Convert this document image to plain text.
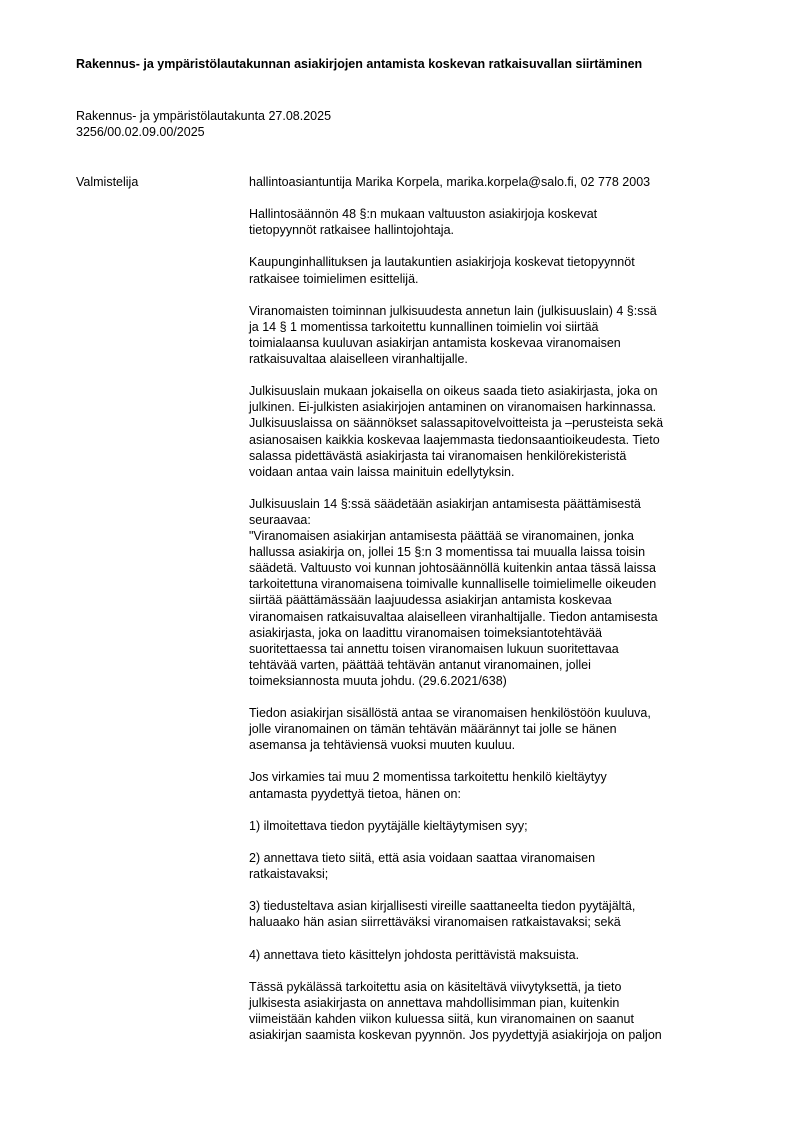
Rakennus- ja ympäristölautakunnan asiakirjojen antamista koskevan ratkaisuvallan siirtäminen
Rakennus- ja ympäristölautakunta 27.08.2025
3256/00.02.09.00/2025
Valmistelija	hallintoasiantuntija Marika Korpela, marika.korpela@salo.fi, 02 778 2003

Hallintosäännön 48 §:n mukaan valtuuston asiakirjoja koskevat
tietopyynnöt ratkaisee hallintojohtaja.

Kaupunginhallituksen ja lautakuntien asiakirjoja koskevat tietopyynnöt
ratkaisee toimielimen esittelijä.

Viranomaisten toiminnan julkisuudesta annetun lain (julkisuuslain) 4 §:ssä
ja 14 § 1 momentissa tarkoitettu kunnallinen toimielin voi siirtää
toimialaansa kuuluvan asiakirjan antamista koskevaa viranomaisen
ratkaisuvaltaa alaiselleen viranhaltijalle.

Julkisuuslain mukaan jokaisella on oikeus saada tieto asiakirjasta, joka on
julkinen. Ei-julkisten asiakirjojen antaminen on viranomaisen harkinnassa.
Julkisuuslaissa on säännökset salassapitovelvoitteista ja –perusteista sekä
asianosaisen kaikkia koskevaa laajemmasta tiedonsaantioikeudesta. Tieto
salassa pidettävästä asiakirjasta tai viranomaisen henkilörekisteristä
voidaan antaa vain laissa mainituin edellytyksin.

Julkisuuslain 14 §:ssä säädetään asiakirjan antamisesta päättämisestä
seuraavaa:
"Viranomaisen asiakirjan antamisesta päättää se viranomainen, jonka
hallussa asiakirja on, jollei 15 §:n 3 momentissa tai muualla laissa toisin
säädetä. Valtuusto voi kunnan johtosäännöllä kuitenkin antaa tässä laissa
tarkoitettuna viranomaisena toimivalle kunnalliselle toimielimelle oikeuden
siirtää päättämässään laajuudessa asiakirjan antamista koskevaa
viranomaisen ratkaisuvaltaa alaiselleen viranhaltijalle. Tiedon antamisesta
asiakirjasta, joka on laadittu viranomaisen toimeksiantotehtävää
suoritettaessa tai annettu toisen viranomaisen lukuun suoritettavaa
tehtävää varten, päättää tehtävän antanut viranomainen, jollei
toimeksiannosta muuta johdu. (29.6.2021/638)

Tiedon asiakirjan sisällöstä antaa se viranomaisen henkilöstöön kuuluva,
jolle viranomainen on tämän tehtävän määrännyt tai jolle se hänen
asemansa ja tehtäviensä vuoksi muuten kuuluu.

Jos virkamies tai muu 2 momentissa tarkoitettu henkilö kieltäytyy
antamasta pyydettyä tietoa, hänen on:

1) ilmoitettava tiedon pyytäjälle kieltäytymisen syy;

2) annettava tieto siitä, että asia voidaan saattaa viranomaisen
ratkaistavaksi;

3) tiedusteltava asian kirjallisesti vireille saattaneelta tiedon pyytäjältä,
haluaako hän asian siirrettäväksi viranomaisen ratkaistavaksi; sekä

4) annettava tieto käsittelyn johdosta perittävistä maksuista.

Tässä pykälässä tarkoitettu asia on käsiteltävä viivytyksettä, ja tieto
julkisesta asiakirjasta on annettava mahdollisimman pian, kuitenkin
viimeistään kahden viikon kuluessa siitä, kun viranomainen on saanut
asiakirjan saamista koskevan pyynnön. Jos pyydettyjä asiakirjoja on paljon
